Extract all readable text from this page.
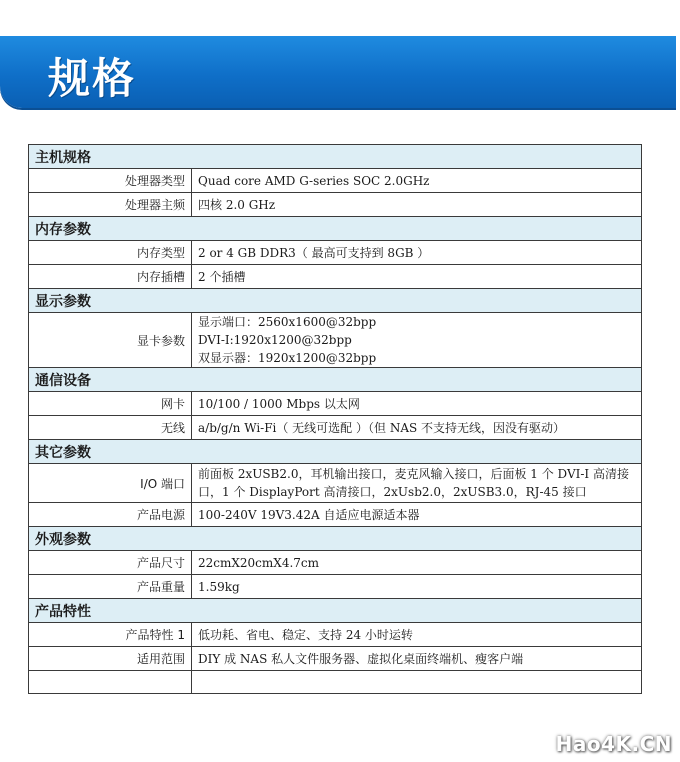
规格
主机规格	
处理器类型	Quad core AMD G-series SOC 2.0GHz
处理器主频	四核 2.0 GHz
内存参数	
内存类型	2 or 4 GB DDR3（ 最高可支持到 8GB ）
内存插槽	2 个插槽
显示参数	
显卡参数	显示端口：2560x1600@32bpp
DVI-I:1920x1200@32bpp
双显示器：1920x1200@32bpp

通信设备	
网卡	10/100 / 1000 Mbps 以太网
无线	a/b/g/n Wi-Fi（ 无线可选配 ）（但 NAS 不支持无线，因没有驱动）
其它参数	
I/O 端口	前面板 2xUSB2.0，耳机输出接口，麦克风输入接口，后面板 1 个 DVI-I 高清接
口，1 个 DisplayPort 高清接口，2xUsb2.0，2xUSB3.0，RJ-45 接口

产品电源	100-240V 19V3.42A 自适应电源适本器
外观参数	
产品尺寸	22cmX20cmX4.7cm
产品重量	1.59kg
产品特性	
产品特性 1	低功耗、省电、稳定、支持 24 小时运转
适用范围	DIY 成 NAS 私人文件服务器、虚拟化桌面终端机、瘦客户端

Hao4K.CN
